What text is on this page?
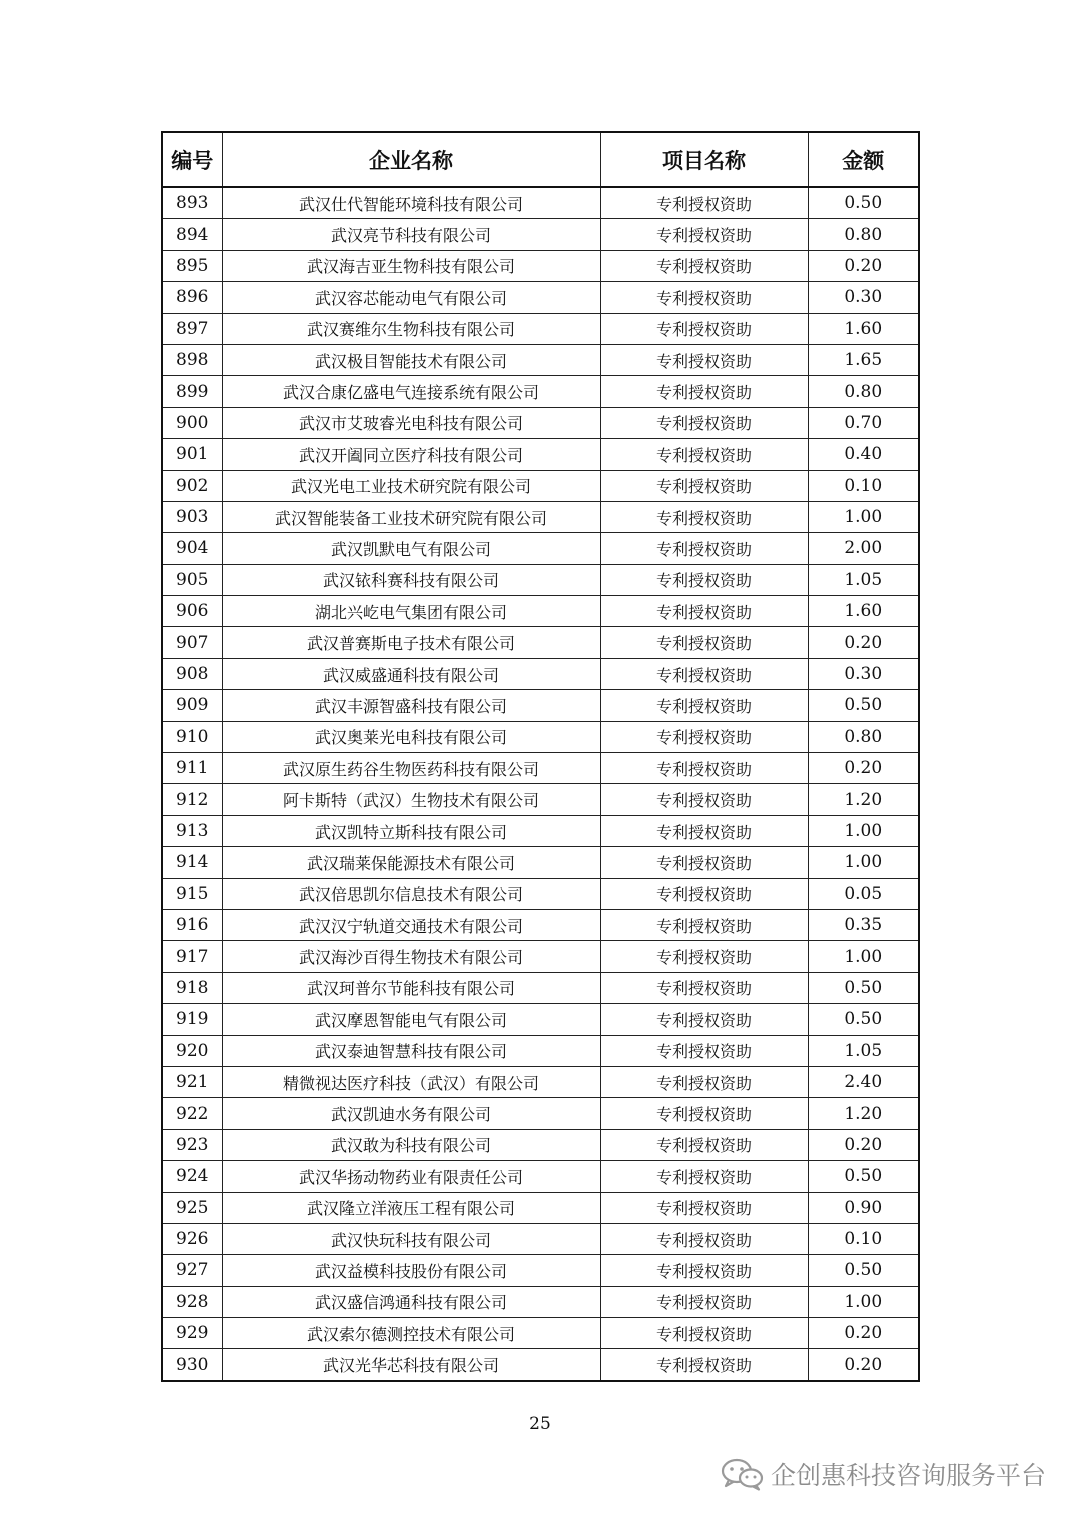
编号	企业名称	项目名称	金额
893	武汉仕代智能环境科技有限公司	专利授权资助	0.50
894	武汉亮节科技有限公司	专利授权资助	0.80
895	武汉海吉亚生物科技有限公司	专利授权资助	0.20
896	武汉容芯能动电气有限公司	专利授权资助	0.30
897	武汉赛维尔生物科技有限公司	专利授权资助	1.60
898	武汉极目智能技术有限公司	专利授权资助	1.65
899	武汉合康亿盛电气连接系统有限公司	专利授权资助	0.80
900	武汉市艾玻睿光电科技有限公司	专利授权资助	0.70
901	武汉开阖同立医疗科技有限公司	专利授权资助	0.40
902	武汉光电工业技术研究院有限公司	专利授权资助	0.10
903	武汉智能装备工业技术研究院有限公司	专利授权资助	1.00
904	武汉凯默电气有限公司	专利授权资助	2.00
905	武汉铱科赛科技有限公司	专利授权资助	1.05
906	湖北兴屹电气集团有限公司	专利授权资助	1.60
907	武汉普赛斯电子技术有限公司	专利授权资助	0.20
908	武汉威盛通科技有限公司	专利授权资助	0.30
909	武汉丰源智盛科技有限公司	专利授权资助	0.50
910	武汉奥莱光电科技有限公司	专利授权资助	0.80
911	武汉原生药谷生物医药科技有限公司	专利授权资助	0.20
912	阿卡斯特（武汉）生物技术有限公司	专利授权资助	1.20
913	武汉凯特立斯科技有限公司	专利授权资助	1.00
914	武汉瑞莱保能源技术有限公司	专利授权资助	1.00
915	武汉倍思凯尔信息技术有限公司	专利授权资助	0.05
916	武汉汉宁轨道交通技术有限公司	专利授权资助	0.35
917	武汉海沙百得生物技术有限公司	专利授权资助	1.00
918	武汉珂普尔节能科技有限公司	专利授权资助	0.50
919	武汉摩恩智能电气有限公司	专利授权资助	0.50
920	武汉泰迪智慧科技有限公司	专利授权资助	1.05
921	精微视达医疗科技（武汉）有限公司	专利授权资助	2.40
922	武汉凯迪水务有限公司	专利授权资助	1.20
923	武汉敢为科技有限公司	专利授权资助	0.20
924	武汉华扬动物药业有限责任公司	专利授权资助	0.50
925	武汉隆立洋液压工程有限公司	专利授权资助	0.90
926	武汉快玩科技有限公司	专利授权资助	0.10
927	武汉益模科技股份有限公司	专利授权资助	0.50
928	武汉盛信鸿通科技有限公司	专利授权资助	1.00
929	武汉索尔德测控技术有限公司	专利授权资助	0.20
930	武汉光华芯科技有限公司	专利授权资助	0.20
25
企创惠科技咨询服务平台
